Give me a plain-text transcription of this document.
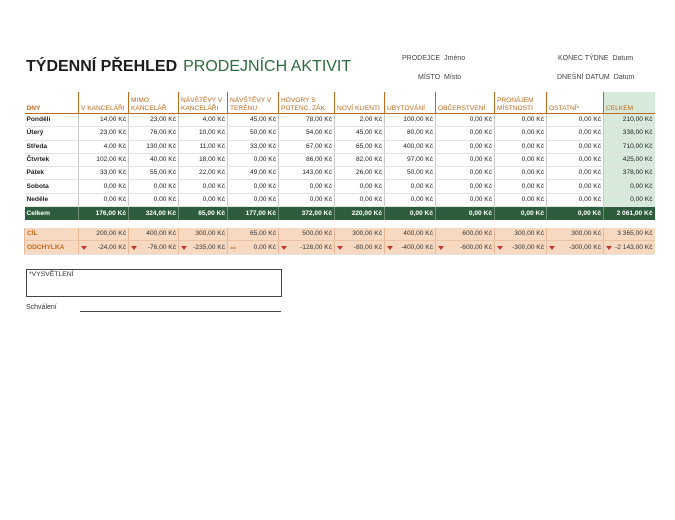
TÝDENNÍ PŘEHLED PRODEJNÍCH AKTIVIT	PRODEJCE Jméno	KONEC TÝDNE Datum
MÍSTO Místo	DNEŠNÍ DATUM Datum
DNY	V KANCELÁŘI	MIMO KANCELÁŘ	NÁVŠTĚVY V KANCELÁŘI	NÁVŠTĚVY V TERÉNU	HOVORY S POTENC. ZÁK	NOVÍ KLIENTI	UBYTOVÁNÍ	OBČERSTVENÍ	PRONÁJEM MÍSTNOSTI	OSTATNÍ*	CELKEM
Pondělí	14,00 Kč	23,00 Kč	4,00 Kč	45,00 Kč	78,00 Kč	2,00 Kč	100,00 Kč	0,00 Kč	0,00 Kč	0,00 Kč	210,00 Kč
Úterý	23,00 Kč	76,00 Kč	10,00 Kč	50,00 Kč	54,00 Kč	45,00 Kč	80,00 Kč	0,00 Kč	0,00 Kč	0,00 Kč	338,00 Kč
Středa	4,00 Kč	130,00 Kč	11,00 Kč	33,00 Kč	67,00 Kč	65,00 Kč	400,00 Kč	0,00 Kč	0,00 Kč	0,00 Kč	710,00 Kč
Čtvrtek	102,00 Kč	40,00 Kč	18,00 Kč	0,00 Kč	86,00 Kč	82,00 Kč	97,00 Kč	0,00 Kč	0,00 Kč	0,00 Kč	425,00 Kč
Pátek	33,00 Kč	55,00 Kč	22,00 Kč	49,00 Kč	143,00 Kč	26,00 Kč	50,00 Kč	0,00 Kč	0,00 Kč	0,00 Kč	378,00 Kč
Sobota	0,00 Kč	0,00 Kč	0,00 Kč	0,00 Kč	0,00 Kč	0,00 Kč	0,00 Kč	0,00 Kč	0,00 Kč	0,00 Kč	0,00 Kč
Neděle	0,00 Kč	0,00 Kč	0,00 Kč	0,00 Kč	0,00 Kč	0,00 Kč	0,00 Kč	0,00 Kč	0,00 Kč	0,00 Kč	0,00 Kč
Celkem	176,00 Kč	324,00 Kč	65,00 Kč	177,00 Kč	372,00 Kč	220,00 Kč	0,00 Kč	0,00 Kč	0,00 Kč	0,00 Kč	2 061,00 Kč

CÍL	200,00 Kč	400,00 Kč	300,00 Kč	65,00 Kč	500,00 Kč	300,00 Kč	400,00 Kč	600,00 Kč	300,00 Kč	300,00 Kč	3 365,00 Kč
ODCHYLKA	-24,00 Kč	-76,00 Kč	-235,00 Kč	0,00 Kč	-128,00 Kč	-80,00 Kč	-400,00 Kč	-600,00 Kč	-300,00 Kč	-300,00 Kč	-2 143,00 Kč
*VYSVĚTLENÍ
Schválení
